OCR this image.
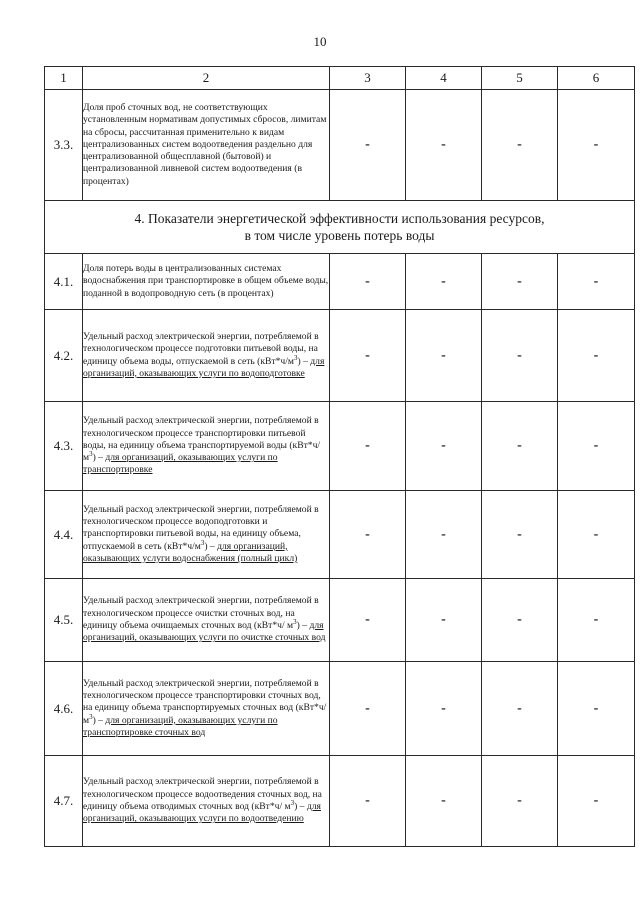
10
1	2	3	4	5	6
3.3.	Доля проб сточных вод, не соответствующих установленным нормативам допустимых сбросов, лимитам на сбросы, рассчитанная применительно к видам централизованных систем водоотведения раздельно для централизованной общесплавной (бытовой) и централизованной ливневой систем водоотведения (в процентах)	-	-	-	-

4. Показатели энергетической эффективности использования ресурсов,
в том числе уровень потерь воды					

4.1.	Доля потерь воды в централизованных системах водоснабжения при транспортировке в общем объеме воды, поданной в водопроводную сеть (в процентах)	-	-	-	-
4.2.	Удельный расход электрической энергии, потребляемой в технологическом процессе подготовки питьевой воды, на единицу объема воды, отпускаемой в сеть $(кВт*ч/м^3)$ – для организаций, оказывающих услуги по водоподготовке	-	-	-	-
4.3.	Удельный расход электрической энергии, потребляемой в технологическом процессе транспортировки питьевой воды, на единицу объема транспортируемой воды $(кВт*ч/м^3)$ – для организаций, оказывающих услуги по транспортировке	-	-	-	-
4.4.	Удельный расход электрической энергии, потребляемой в технологическом процессе водоподготовки и транспортировки питьевой воды, на единицу объема, отпускаемой в сеть $(кВт*ч/м^3)$ – для организаций, оказывающих услуги водоснабжения (полный цикл)	-	-	-	-
4.5.	Удельный расход электрической энергии, потребляемой в технологическом процессе очистки сточных вод, на единицу объема очищаемых сточных вод (кВт*ч/ $м^3$) – для организаций, оказывающих услуги по очистке сточных вод	-	-	-	-
4.6.	Удельный расход электрической энергии, потребляемой в технологическом процессе транспортировки сточных вод, на единицу объема транспортируемых сточных вод (кВт*ч/ $м^3$) – для организаций, оказывающих услуги по транспортировке сточных вод	-	-	-	-
4.7.	Удельный расход электрической энергии, потребляемой в технологическом процессе водоотведения сточных вод, на единицу объема отводимых сточных вод (кВт*ч/ $м^3$) – для организаций, оказывающих услуги по водоотведению	-	-	-	-
